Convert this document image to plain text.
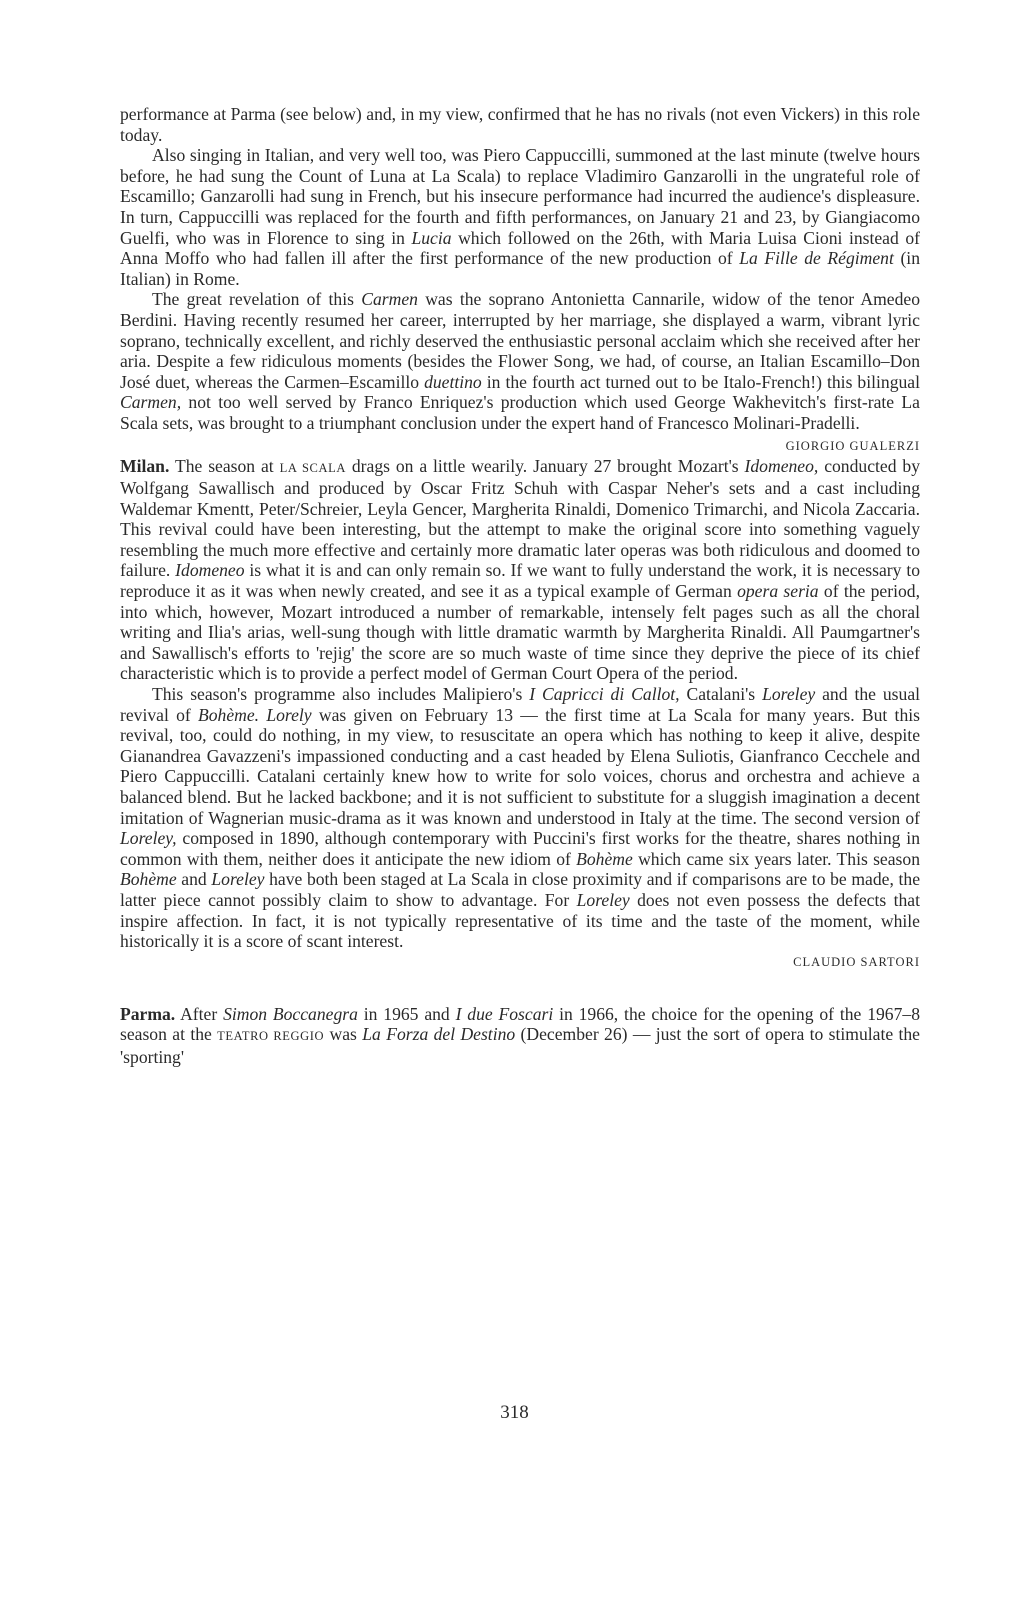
performance at Parma (see below) and, in my view, confirmed that he has no rivals (not even Vickers) in this role today.

Also singing in Italian, and very well too, was Piero Cappuccilli, summoned at the last minute (twelve hours before, he had sung the Count of Luna at La Scala) to replace Vladimiro Ganzarolli in the ungrateful role of Escamillo; Ganzarolli had sung in French, but his insecure performance had incurred the audience's displeasure. In turn, Cappuccilli was replaced for the fourth and fifth performances, on January 21 and 23, by Giangiacomo Guelfi, who was in Florence to sing in Lucia which followed on the 26th, with Maria Luisa Cioni instead of Anna Moffo who had fallen ill after the first performance of the new production of La Fille de Régiment (in Italian) in Rome.

The great revelation of this Carmen was the soprano Antonietta Cannarile, widow of the tenor Amedeo Berdini. Having recently resumed her career, interrupted by her marriage, she displayed a warm, vibrant lyric soprano, technically excellent, and richly deserved the enthusiastic personal acclaim which she received after her aria. Despite a few ridiculous moments (besides the Flower Song, we had, of course, an Italian Escamillo–Don José duet, whereas the Carmen–Escamillo duettino in the fourth act turned out to be Italo-French!) this bilingual Carmen, not too well served by Franco Enriquez's production which used George Wakhevitch's first-rate La Scala sets, was brought to a triumphant conclusion under the expert hand of Francesco Molinari-Pradelli.
GIORGIO GUALERZI

Milan. The season at LA SCALA drags on a little wearily. January 27 brought Mozart's Idomeneo, conducted by Wolfgang Sawallisch and produced by Oscar Fritz Schuh with Caspar Neher's sets and a cast including Waldemar Kmentt, Peter/Schreier, Leyla Gencer, Margherita Rinaldi, Domenico Trimarchi, and Nicola Zaccaria. This revival could have been interesting, but the attempt to make the original score into something vaguely resembling the much more effective and certainly more dramatic later operas was both ridiculous and doomed to failure. Idomeneo is what it is and can only remain so. If we want to fully understand the work, it is necessary to reproduce it as it was when newly created, and see it as a typical example of German opera seria of the period, into which, however, Mozart introduced a number of remarkable, intensely felt pages such as all the choral writing and Ilia's arias, well-sung though with little dramatic warmth by Margherita Rinaldi. All Paumgartner's and Sawallisch's efforts to 'rejig' the score are so much waste of time since they deprive the piece of its chief characteristic which is to provide a perfect model of German Court Opera of the period.

This season's programme also includes Malipiero's I Capricci di Callot, Catalani's Loreley and the usual revival of Bohème. Lorely was given on February 13 — the first time at La Scala for many years. But this revival, too, could do nothing, in my view, to resuscitate an opera which has nothing to keep it alive, despite Gianandrea Gavazzeni's impassioned conducting and a cast headed by Elena Suliotis, Gianfranco Cecchele and Piero Cappuccilli. Catalani certainly knew how to write for solo voices, chorus and orchestra and achieve a balanced blend. But he lacked backbone; and it is not sufficient to substitute for a sluggish imagination a decent imitation of Wagnerian music-drama as it was known and understood in Italy at the time. The second version of Loreley, composed in 1890, although contemporary with Puccini's first works for the theatre, shares nothing in common with them, neither does it anticipate the new idiom of Bohème which came six years later. This season Bohème and Loreley have both been staged at La Scala in close proximity and if comparisons are to be made, the latter piece cannot possibly claim to show to advantage. For Loreley does not even possess the defects that inspire affection. In fact, it is not typically representative of its time and the taste of the moment, while historically it is a score of scant interest.

CLAUDIO SARTORI

Parma. After Simon Boccanegra in 1965 and I due Foscari in 1966, the choice for the opening of the 1967–8 season at the TEATRO REGGIO was La Forza del Destino (December 26) — just the sort of opera to stimulate the 'sporting'

318
